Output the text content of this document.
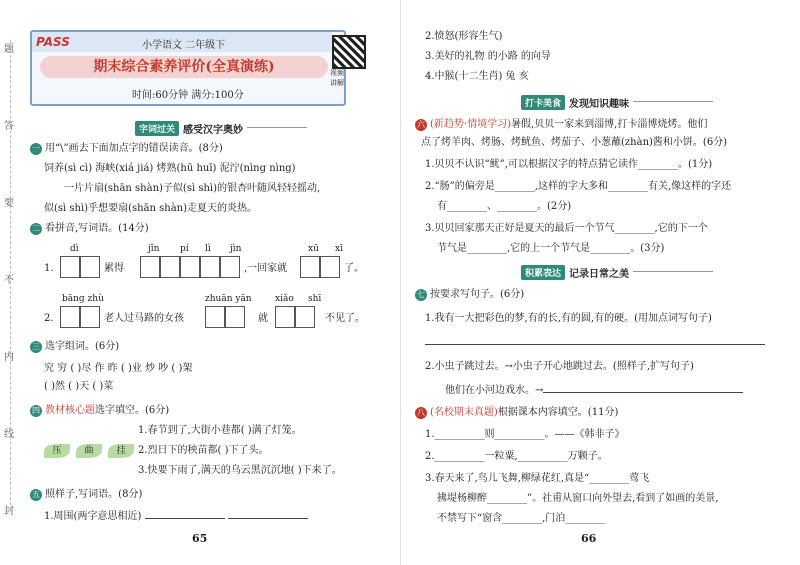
题
答
要
不
内
线
封
PASS	小学语文 二年级下
期末综合素养评价(全真演练)
时间:60分钟 满分:100分
视频讲解
字词过关 感受汉字奥妙
一 用“\”画去下面加点字的错误读音。(8分)
饲养(sì cì) 海峡(xiá jiá) 烤熟(hū huī) 泥泞(nìng nìng)
一片片扇(shān shàn)子似(sì shì)的银杏叶随风轻轻摇动,
似(sì shì)乎想要扇(shān shàn)走夏天的炎热。
二 看拼音,写词语。(14分)
dì	jǐn pí lì jìn	xū xī
1.	累得	,一回家就	了。
bāng zhù	zhuān yān	xiǎo shī
2.	老人过马路的女孩	就	不见了。
三 选字组词。(6分)
究 穷 ( )尽 作 昨 ( )业 炒 吵 ( )架
( )然 ( )天 ( )菜
四 教材核心题选字填空。(6分)
压	曲	挂
1.春节到了,大街小巷都( )满了灯笼。
2.烈日下的秧苗都( )下了头。
3.快要下雨了,满天的乌云黑沉沉地( )下来了。
五 照样子,写词语。(8分)
1.周围(两字意思相近)
65
2.愤怒(形容生气)
3.美好的礼物 的小路 的向导
4.中猴(十二生肖) 兔 亥
打卡美食 发现知识趣味
六 (新趋势·情境学习)暑假,贝贝一家来到淄博,打卡淄博烧烤。他们
点了烤羊肉、烤肠、烤鱿鱼、烤茄子、小葱蘸(zhàn)酱和小饼。(6分)
1.贝贝不认识“鱿”,可以根据汉字的特点猜它读作________。(1分)
2.“肠”的偏旁是________,这样的字大多和________有关,像这样的字还
有________、________。(2分)
3.贝贝回家那天正好是夏天的最后一个节气________,它的下一个
节气是________,它的上一个节气是________。(3分)
积累表达 记录日常之美
七 按要求写句子。(6分)
1.我有一大把彩色的梦,有的长,有的圆,有的硬。(用加点词写句子)
2.小虫子跳过去。→小虫子开心地跳过去。(照样子,扩写句子)
他们在小河边戏水。→
八 (名校期末真题)根据课本内容填空。(11分)
1.__________则__________。——《韩非子》
2.__________一粒粟,__________万颗子。
3.春天来了,鸟儿飞舞,柳绿花红,真是“________莺飞
拂堤杨柳醉________”。社甫从窗口向外望去,看到了如画的美景,
不禁写下“窗含________,门泊________
66
